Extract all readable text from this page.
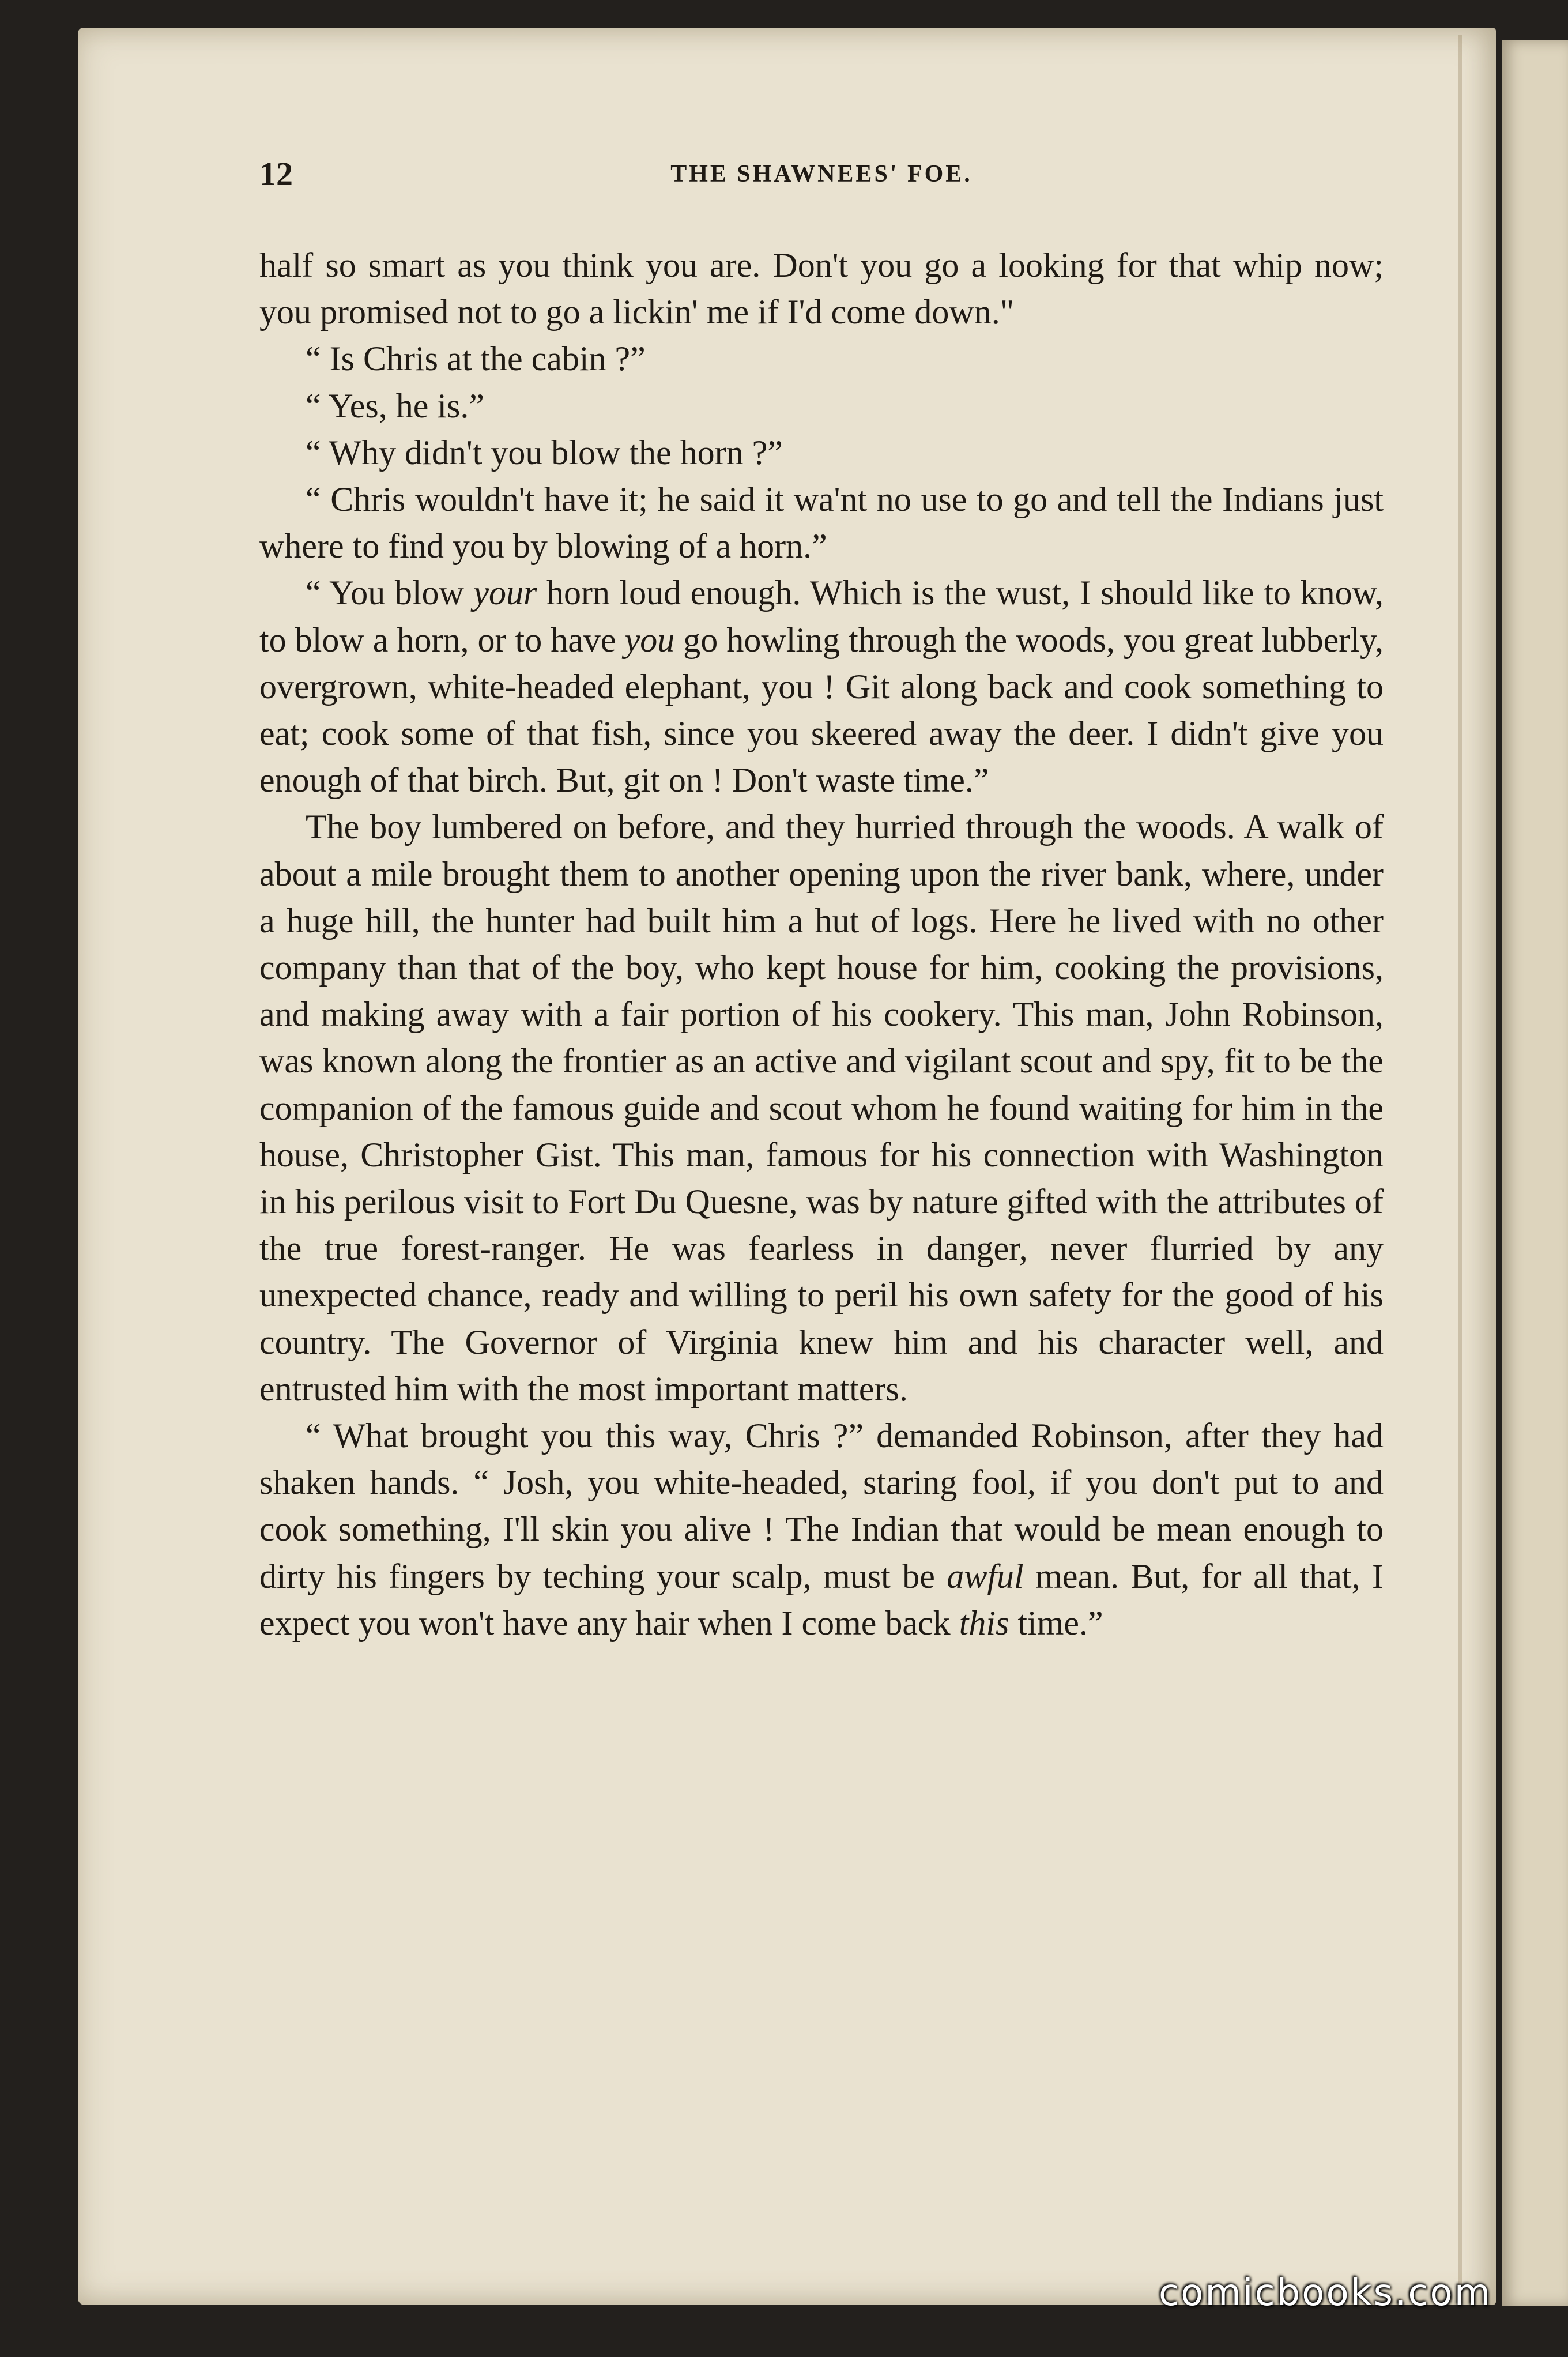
12	THE SHAWNEES' FOE.

half so smart as you think you are. Don't you go a looking for that whip now; you promised not to go a lickin' me if I'd come down."

“ Is Chris at the cabin ?”

“ Yes, he is.”

“ Why didn't you blow the horn ?”

“ Chris wouldn't have it; he said it wa'nt no use to go and tell the Indians just where to find you by blowing of a horn.”

“ You blow your horn loud enough. Which is the wust, I should like to know, to blow a horn, or to have you go howling through the woods, you great lubberly, overgrown, white-headed elephant, you ! Git along back and cook something to eat; cook some of that fish, since you skeered away the deer. I didn't give you enough of that birch. But, git on ! Don't waste time.”

The boy lumbered on before, and they hurried through the woods. A walk of about a mile brought them to another opening upon the river bank, where, under a huge hill, the hunter had built him a hut of logs. Here he lived with no other company than that of the boy, who kept house for him, cooking the provisions, and making away with a fair portion of his cookery. This man, John Robinson, was known along the frontier as an active and vigilant scout and spy, fit to be the companion of the famous guide and scout whom he found waiting for him in the house, Christopher Gist. This man, famous for his connection with Washington in his perilous visit to Fort Du Quesne, was by nature gifted with the attributes of the true forest-ranger. He was fearless in danger, never flurried by any unexpected chance, ready and willing to peril his own safety for the good of his country. The Governor of Virginia knew him and his character well, and entrusted him with the most important matters.

“ What brought you this way, Chris ?” demanded Robinson, after they had shaken hands. “ Josh, you white-headed, staring fool, if you don't put to and cook something, I'll skin you alive ! The Indian that would be mean enough to dirty his fingers by teching your scalp, must be awful mean. But, for all that, I expect you won't have any hair when I come back this time.”

comicbooks.com
